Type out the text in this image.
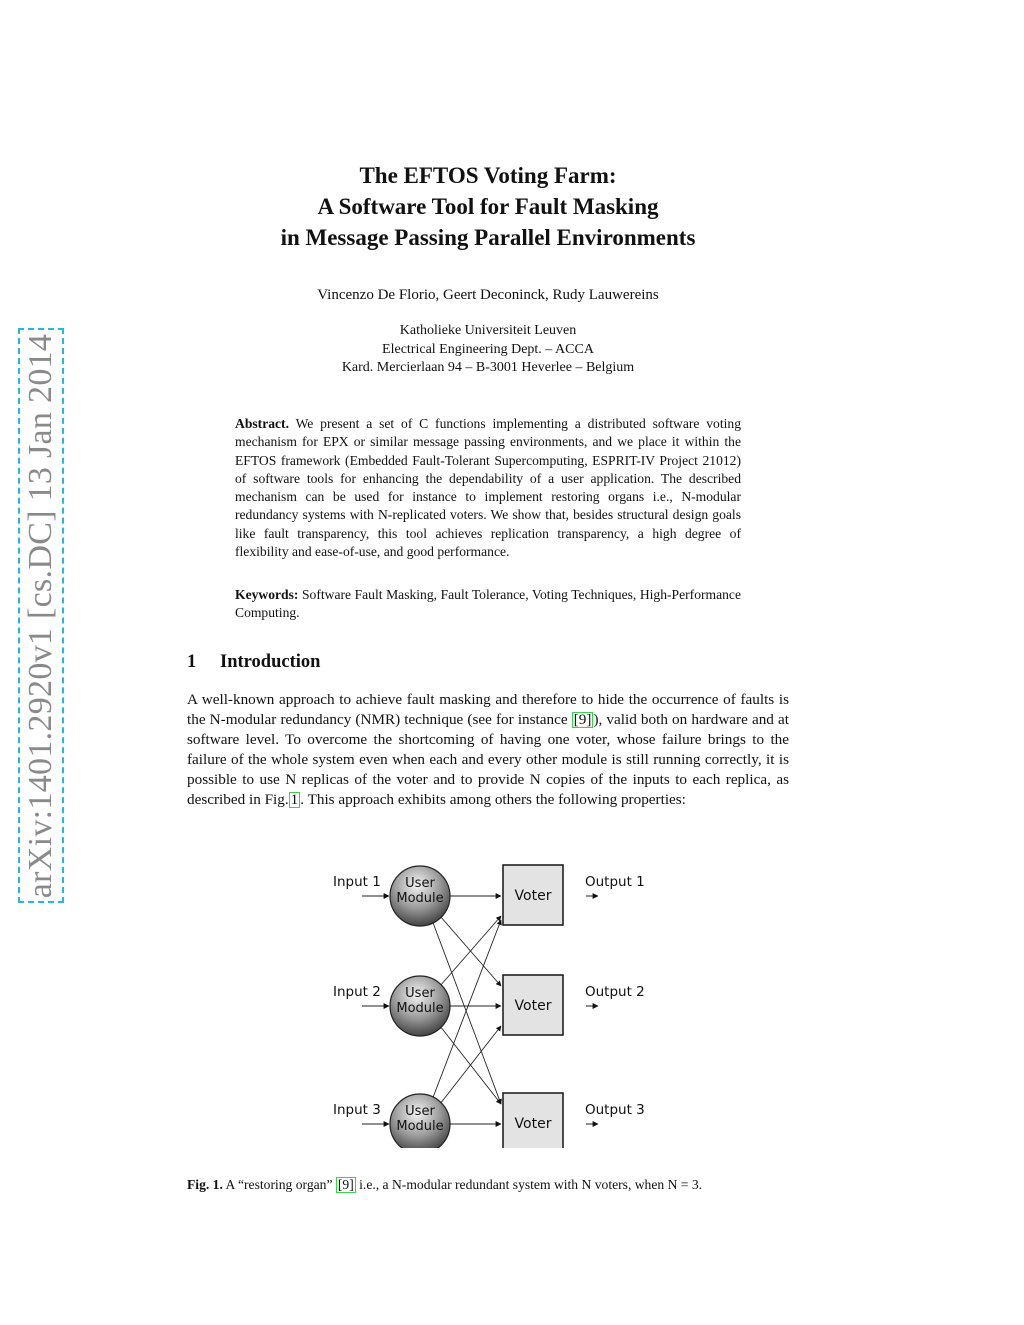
arXiv:1401.2920v1 [cs.DC] 13 Jan 2014
The EFTOS Voting Farm:
A Software Tool for Fault Masking
in Message Passing Parallel Environments
Vincenzo De Florio, Geert Deconinck, Rudy Lauwereins
Katholieke Universiteit Leuven
Electrical Engineering Dept. – ACCA
Kard. Mercierlaan 94 – B-3001 Heverlee – Belgium
Abstract. We present a set of C functions implementing a distributed software voting mechanism for EPX or similar message passing environments, and we place it within the EFTOS framework (Embedded Fault-Tolerant Supercomputing, ESPRIT-IV Project 21012) of software tools for enhancing the dependability of a user application. The described mechanism can be used for instance to implement restoring organs i.e., N-modular redundancy systems with N-replicated voters. We show that, besides structural design goals like fault transparency, this tool achieves replication transparency, a high degree of flexibility and ease-of-use, and good performance.
Keywords: Software Fault Masking, Fault Tolerance, Voting Techniques, High-Performance Computing.
1 Introduction
A well-known approach to achieve fault masking and therefore to hide the occurrence of faults is the N-modular redundancy (NMR) technique (see for instance [9] ), valid both on hardware and at software level. To overcome the shortcoming of having one voter, whose failure brings to the failure of the whole system even when each and every other module is still running correctly, it is possible to use N replicas of the voter and to provide N copies of the inputs to each replica, as described in Fig. 1 . This approach exhibits among others the following properties:
User
Module
User
Module
User
Module
Voter
Voter
Voter
Input 1
Input 2
Input 3
Output 1
Output 2
Output 3
Fig. 1. A “restoring organ” [9] i.e., a N-modular redundant system with N voters, when N = 3.
